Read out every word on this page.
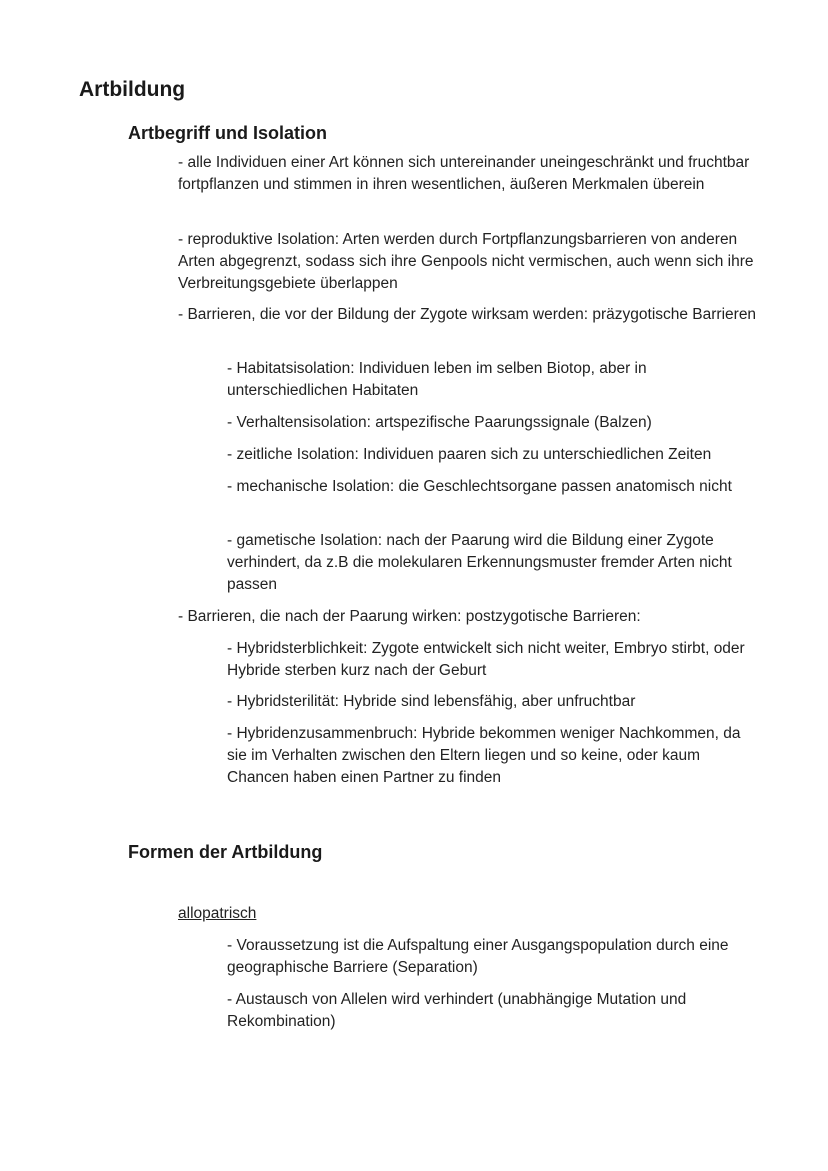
Artbildung
Artbegriff und Isolation

- alle Individuen einer Art können sich untereinander uneingeschränkt und fruchtbar fortpflanzen und stimmen in ihren wesentlichen, äußeren Merkmalen überein

- reproduktive Isolation: Arten werden durch Fortpflanzungsbarrieren von anderen Arten abgegrenzt, sodass sich ihre Genpools nicht vermischen, auch wenn sich ihre Verbreitungsgebiete überlappen

- Barrieren, die vor der Bildung der Zygote wirksam werden: präzygotische Barrieren

- Habitatsisolation: Individuen leben im selben Biotop, aber in unterschiedlichen Habitaten

- Verhaltensisolation: artspezifische Paarungssignale (Balzen)

- zeitliche Isolation: Individuen paaren sich zu unterschiedlichen Zeiten

- mechanische Isolation: die Geschlechtsorgane passen anatomisch nicht

- gametische Isolation: nach der Paarung wird die Bildung einer Zygote verhindert, da z.B die molekularen Erkennungsmuster fremder Arten nicht passen

- Barrieren, die nach der Paarung wirken: postzygotische Barrieren:

- Hybridsterblichkeit: Zygote entwickelt sich nicht weiter, Embryo stirbt, oder Hybride sterben kurz nach der Geburt

- Hybridsterilität: Hybride sind lebensfähig, aber unfruchtbar

- Hybridenzusammenbruch: Hybride bekommen weniger Nachkommen, da sie im Verhalten zwischen den Eltern liegen und so keine, oder kaum Chancen haben einen Partner zu finden

Formen der Artbildung
allopatrisch

- Voraussetzung ist die Aufspaltung einer Ausgangspopulation durch eine geographische Barriere (Separation)

- Austausch von Allelen wird verhindert (unabhängige Mutation und Rekombination)
